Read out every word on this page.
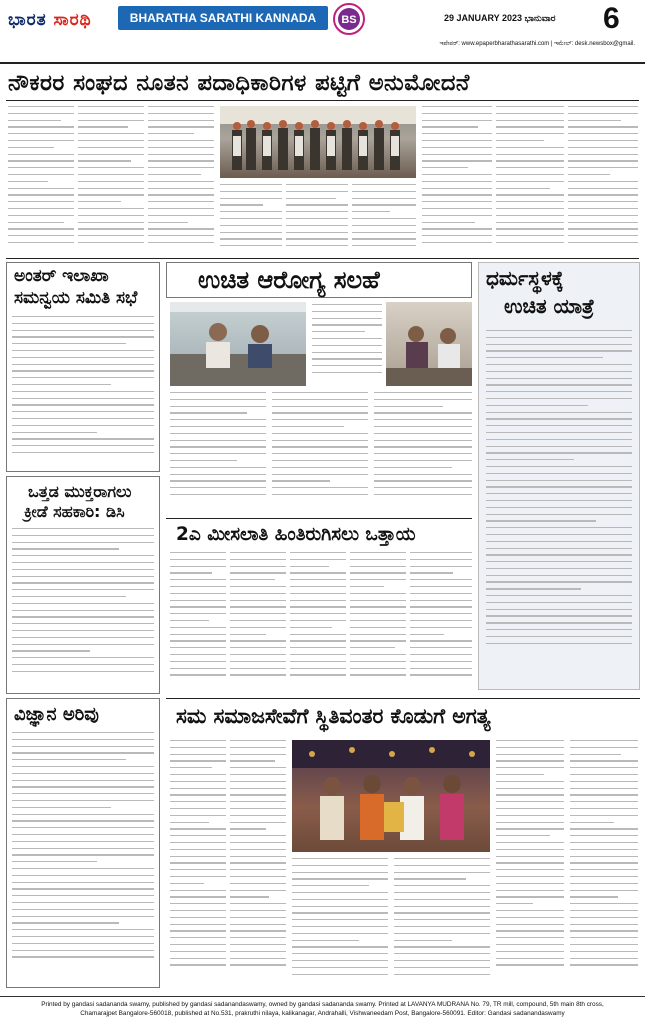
ಭಾರತ ಸಾರಥಿ	BHARATHA SARATHI KANNADA DAILY
BS	29 JANUARY 2023 ಭಾನುವಾರ 6
ಇಪೇಪರ್: www.epaperbharathasarathi.com | ಇಮೇಲ್: desk.newsbox@gmail.
ನೌಕರರ ಸಂಘದ ನೂತನ ಪದಾಧಿಕಾರಿಗಳ ಪಟ್ಟಿಗೆ ಅನುಮೋದನೆ
ಅಂತರ್ ಇಲಾಖಾ
ಸಮನ್ವಯ ಸಮಿತಿ ಸಭೆ
ಒತ್ತಡ ಮುಕ್ತರಾಗಲು
ಕ್ರೀಡೆ ಸಹಕಾರಿ: ಡಿಸಿ
ವಿಜ್ಞಾನ ಅರಿವು
ಉಚಿತ ಆರೋಗ್ಯ ಸಲಹೆ
2ಎ ಮೀಸಲಾತಿ ಹಿಂತಿರುಗಿಸಲು ಒತ್ತಾಯ
ಧರ್ಮಸ್ಥಳಕ್ಕೆ
ಉಚಿತ ಯಾತ್ರೆ
ಸಮ ಸಮಾಜಸೇವೆಗೆ ಸ್ಥಿತಿವಂತರ ಕೊಡುಗೆ ಅಗತ್ಯ
Printed by gandasi sadananda swamy, published by gandasi sadanandaswamy, owned by gandasi sadananda swamy. Printed at LAVANYA MUDRANA No. 79, TR mill, compound, 5th main 8th cross,
Chamarajpet Bangalore-560018, published at No.531, prakruthi nilaya, kalikanagar, Andrahalli, Vishwaneedam Post, Bangalore-560091. Editor: Gandasi sadanandaswamy
